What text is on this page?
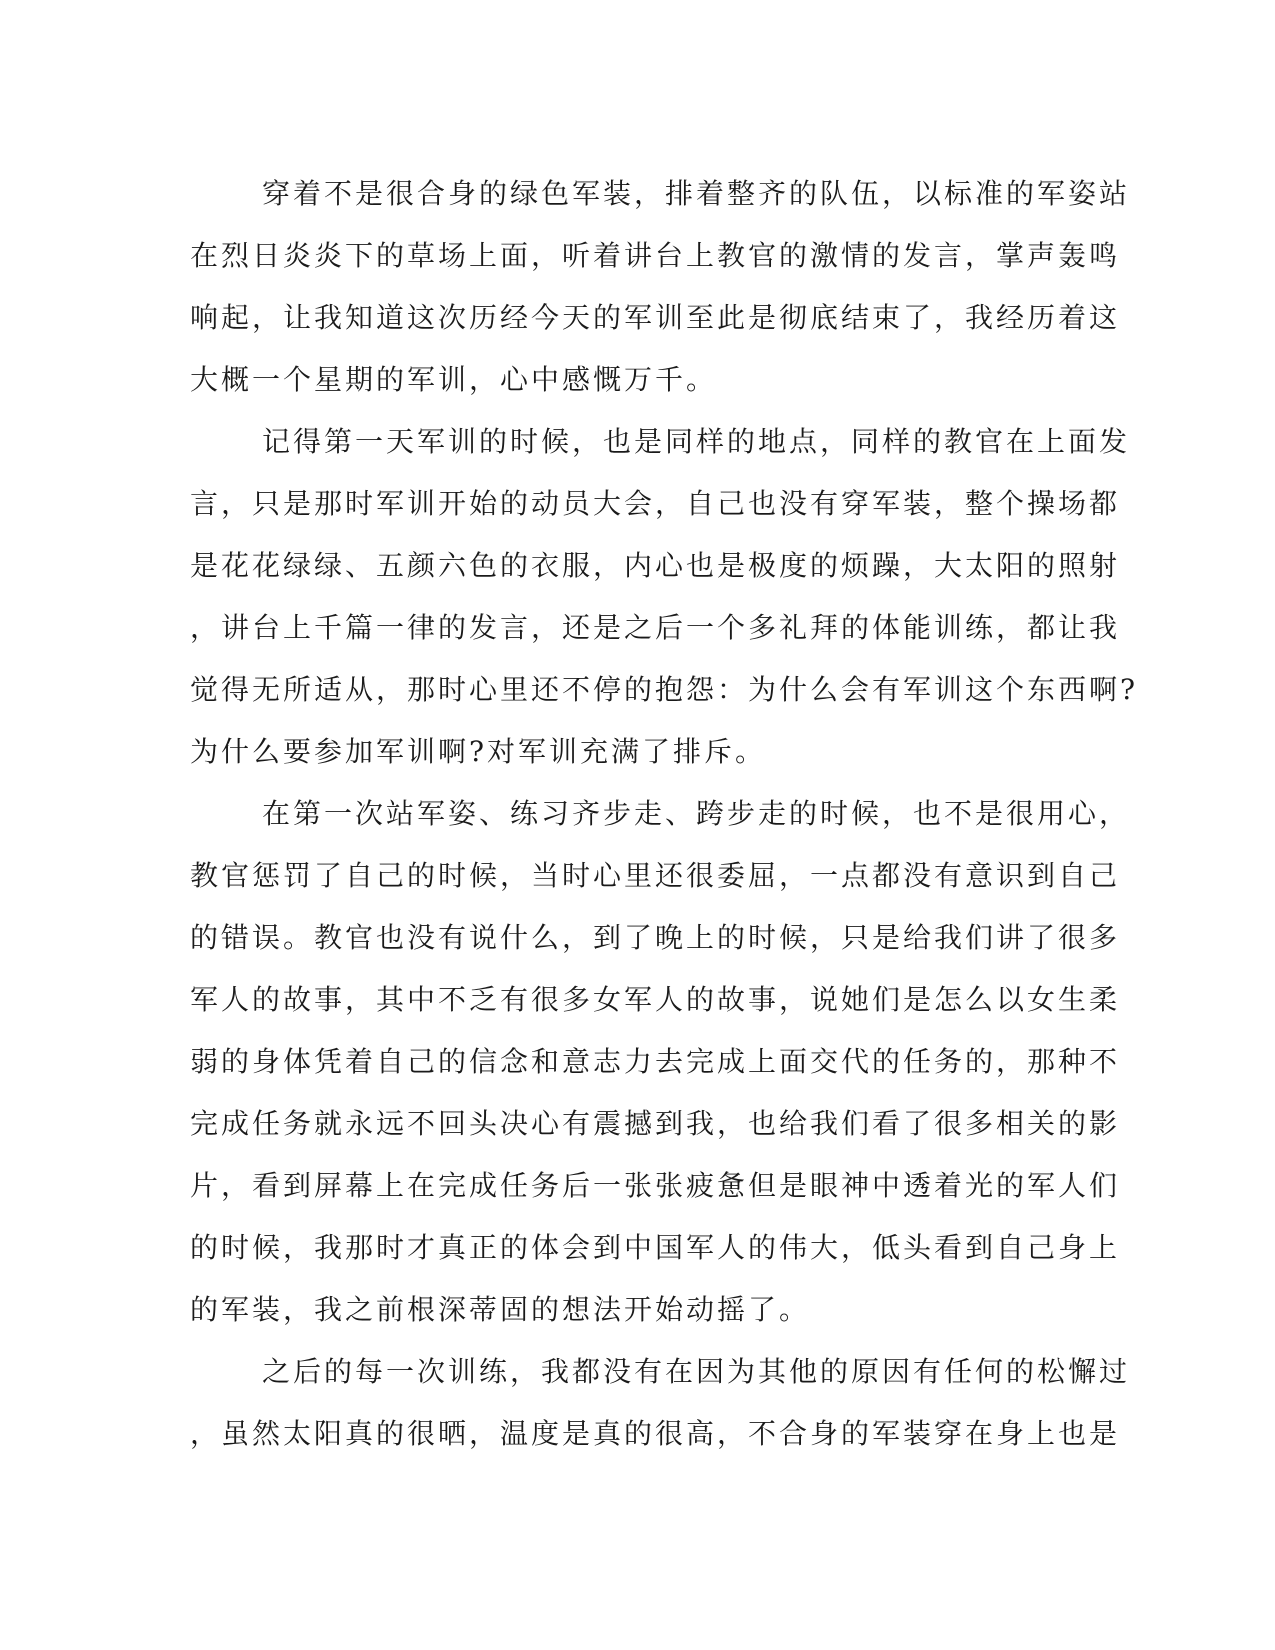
穿着不是很合身的绿色军装，排着整齐的队伍，以标准的军姿站
在烈日炎炎下的草场上面，听着讲台上教官的激情的发言，掌声轰鸣
响起，让我知道这次历经今天的军训至此是彻底结束了，我经历着这
大概一个星期的军训，心中感慨万千。
记得第一天军训的时候，也是同样的地点，同样的教官在上面发
言，只是那时军训开始的动员大会，自己也没有穿军装，整个操场都
是花花绿绿、五颜六色的衣服，内心也是极度的烦躁，大太阳的照射
，讲台上千篇一律的发言，还是之后一个多礼拜的体能训练，都让我
觉得无所适从，那时心里还不停的抱怨：为什么会有军训这个东西啊?
为什么要参加军训啊?对军训充满了排斥。
在第一次站军姿、练习齐步走、跨步走的时候，也不是很用心，
教官惩罚了自己的时候，当时心里还很委屈，一点都没有意识到自己
的错误。教官也没有说什么，到了晚上的时候，只是给我们讲了很多
军人的故事，其中不乏有很多女军人的故事，说她们是怎么以女生柔
弱的身体凭着自己的信念和意志力去完成上面交代的任务的，那种不
完成任务就永远不回头决心有震撼到我，也给我们看了很多相关的影
片，看到屏幕上在完成任务后一张张疲惫但是眼神中透着光的军人们
的时候，我那时才真正的体会到中国军人的伟大，低头看到自己身上
的军装，我之前根深蒂固的想法开始动摇了。
之后的每一次训练，我都没有在因为其他的原因有任何的松懈过
，虽然太阳真的很晒，温度是真的很高，不合身的军装穿在身上也是
